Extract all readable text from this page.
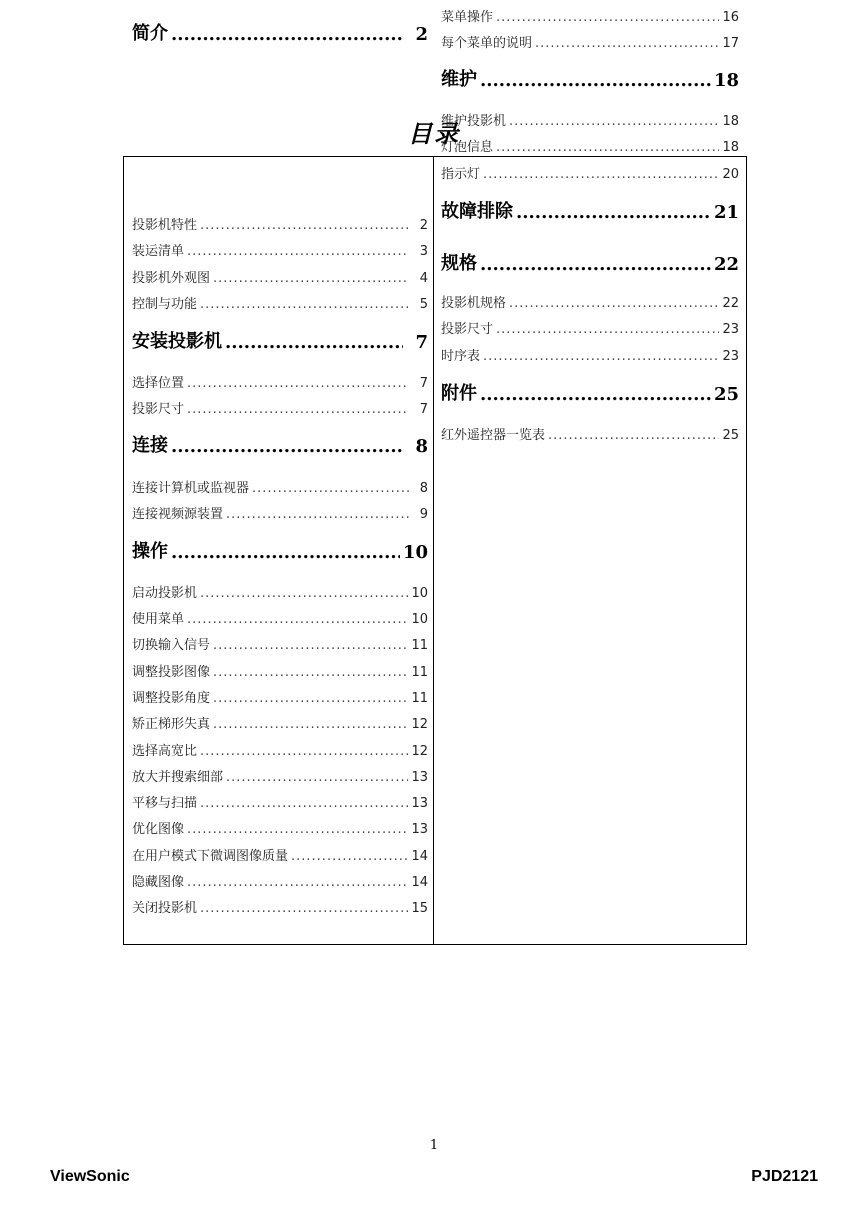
目录
简介 .....	2
投影机特性 .....	2
装运清单 .....	3
投影机外观图 .....	4
控制与功能 .....	5
安装投影机 .....	7
选择位置 .....	7
投影尺寸 .....	7
连接 .....	8
连接计算机或监视器 .....	8
连接视频源装置 .....	9
操作 .....	10
启动投影机 .....	10
使用菜单 .....	10
切换输入信号 .....	11
调整投影图像 .....	11
调整投影角度 .....	11
矫正梯形失真 .....	12
选择高宽比 .....	12
放大并搜索细部 .....	13
平移与扫描 .....	13
优化图像 .....	13
在用户模式下微调图像质量 .....	14
隐藏图像 .....	14
关闭投影机 .....	15
菜单操作 .....	16
每个菜单的说明 .....	17
维护 .....	18
维护投影机 .....	18
灯泡信息 .....	18
指示灯 .....	20
故障排除 .....	21
规格 .....	22
投影机规格 .....	22
投影尺寸 .....	23
时序表 .....	23
附件 .....	25
红外遥控器一览表 .....	25
1
ViewSonic	PJD2121
